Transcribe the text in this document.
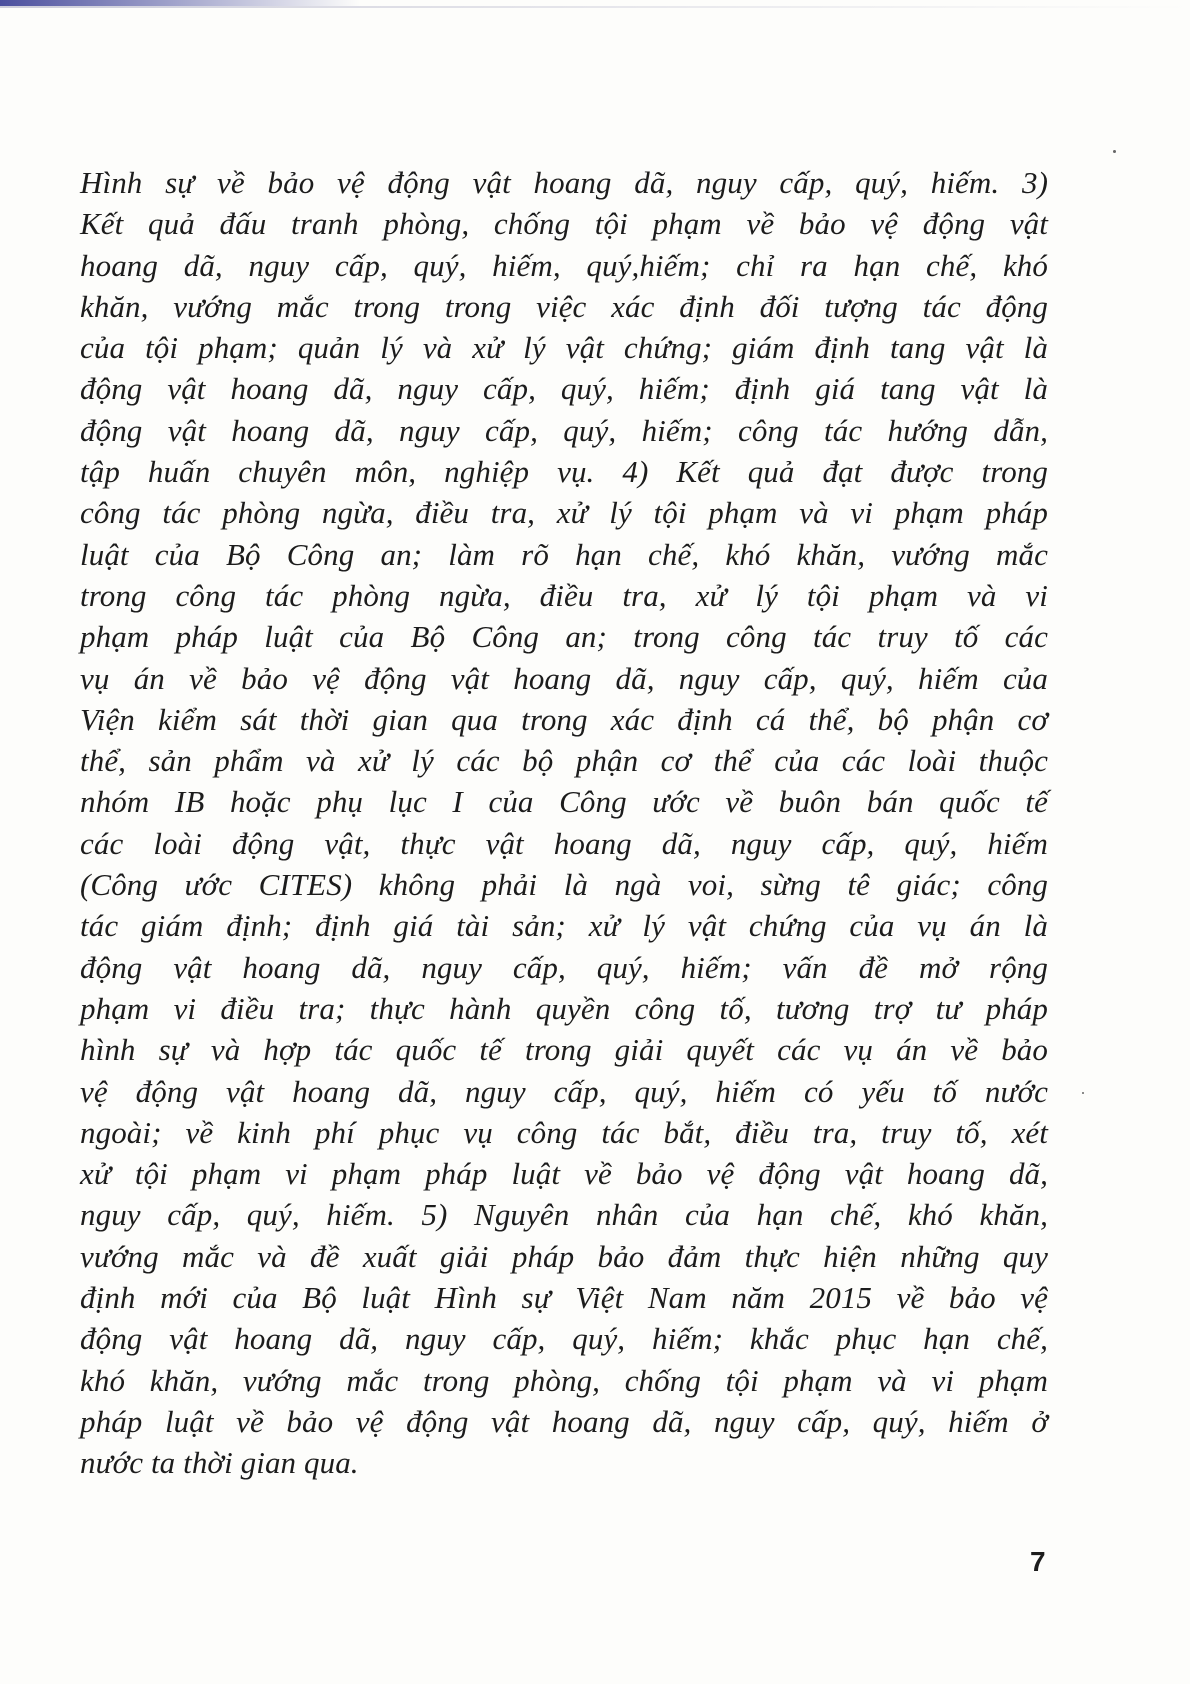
Hình sự về bảo vệ động vật hoang dã, nguy cấp, quý, hiếm. 3)
Kết quả đấu tranh phòng, chống tội phạm về bảo vệ động vật
hoang dã, nguy cấp, quý, hiếm, quý,hiếm; chỉ ra hạn chế, khó
khăn, vướng mắc trong trong việc xác định đối tượng tác động
của tội phạm; quản lý và xử lý vật chứng; giám định tang vật là
động vật hoang dã, nguy cấp, quý, hiếm; định giá tang vật là
động vật hoang dã, nguy cấp, quý, hiếm; công tác hướng dẫn,
tập huấn chuyên môn, nghiệp vụ. 4) Kết quả đạt được trong
công tác phòng ngừa, điều tra, xử lý tội phạm và vi phạm pháp
luật của Bộ Công an; làm rõ hạn chế, khó khăn, vướng mắc
trong công tác phòng ngừa, điều tra, xử lý tội phạm và vi
phạm pháp luật của Bộ Công an; trong công tác truy tố các
vụ án về bảo vệ động vật hoang dã, nguy cấp, quý, hiếm của
Viện kiểm sát thời gian qua trong xác định cá thể, bộ phận cơ
thể, sản phẩm và xử lý các bộ phận cơ thể của các loài thuộc
nhóm IB hoặc phụ lục I của Công ước về buôn bán quốc tế
các loài động vật, thực vật hoang dã, nguy cấp, quý, hiếm
(Công ước CITES) không phải là ngà voi, sừng tê giác; công
tác giám định; định giá tài sản; xử lý vật chứng của vụ án là
động vật hoang dã, nguy cấp, quý, hiếm; vấn đề mở rộng
phạm vi điều tra; thực hành quyền công tố, tương trợ tư pháp
hình sự và hợp tác quốc tế trong giải quyết các vụ án về bảo
vệ động vật hoang dã, nguy cấp, quý, hiếm có yếu tố nước
ngoài; về kinh phí phục vụ công tác bắt, điều tra, truy tố, xét
xử tội phạm vi phạm pháp luật về bảo vệ động vật hoang dã,
nguy cấp, quý, hiếm. 5) Nguyên nhân của hạn chế, khó khăn,
vướng mắc và đề xuất giải pháp bảo đảm thực hiện những quy
định mới của Bộ luật Hình sự Việt Nam năm 2015 về bảo vệ
động vật hoang dã, nguy cấp, quý, hiếm; khắc phục hạn chế,
khó khăn, vướng mắc trong phòng, chống tội phạm và vi phạm
pháp luật về bảo vệ động vật hoang dã, nguy cấp, quý, hiếm ở
nước ta thời gian qua.
7
